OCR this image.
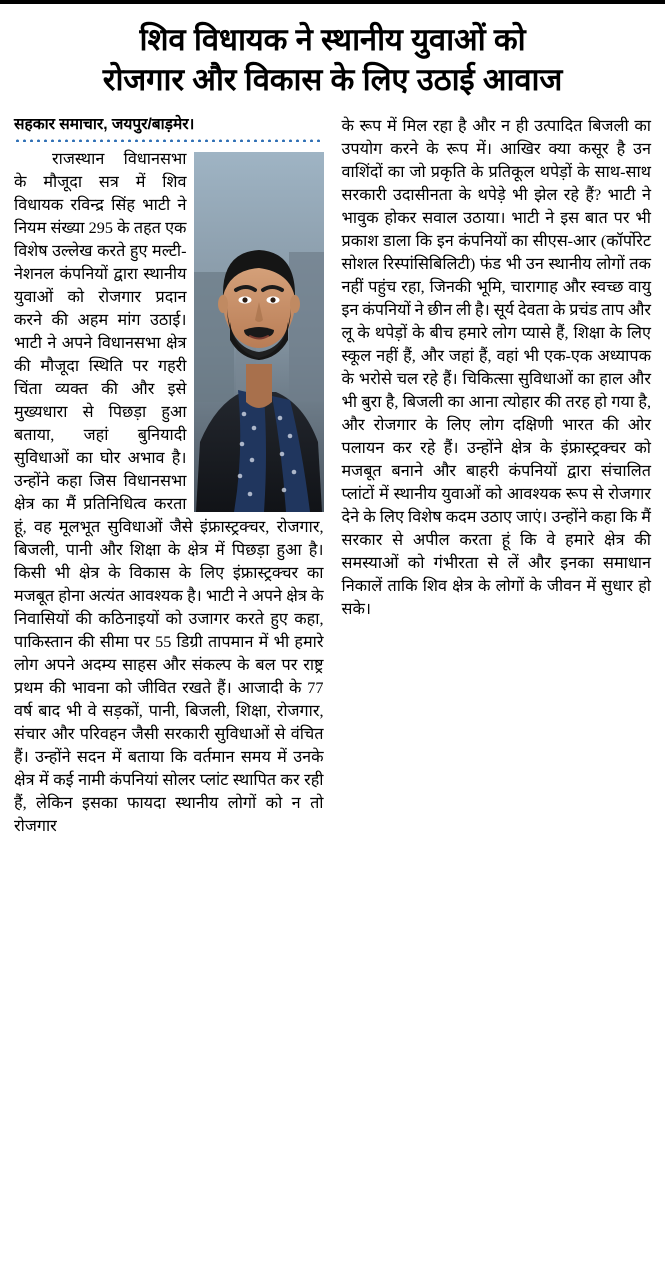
शिव विधायक ने स्थानीय युवाओं को
रोजगार और विकास के लिए उठाई आवाज
सहकार समाचार, जयपुर/बाड़मेर।

राजस्थान विधानसभा के मौजूदा सत्र में शिव विधायक रविन्द्र सिंह भाटी ने नियम संख्या 295 के तहत एक विशेष उल्लेख करते हुए मल्टी-नेशनल कंपनियों द्वारा स्थानीय युवाओं को रोजगार प्रदान करने की अहम मांग उठाई। भाटी ने अपने विधानसभा क्षेत्र की मौजूदा स्थिति पर गहरी चिंता व्यक्त की और इसे मुख्यधारा से पिछड़ा हुआ बताया, जहां बुनियादी सुविधाओं का घोर अभाव है। उन्होंने कहा जिस विधानसभा क्षेत्र का मैं प्रतिनिधित्व करता हूं, वह मूलभूत सुविधाओं जैसे इंफ्रास्ट्रक्चर, रोजगार, बिजली, पानी और शिक्षा के क्षेत्र में पिछड़ा हुआ है। किसी भी क्षेत्र के विकास के लिए इंफ्रास्ट्रक्चर का मजबूत होना अत्यंत आवश्यक है। भाटी ने अपने क्षेत्र के निवासियों की कठिनाइयों को उजागर करते हुए कहा, पाकिस्तान की सीमा पर 55 डिग्री तापमान में भी हमारे लोग अपने अदम्य साहस और संकल्प के बल पर राष्ट्र प्रथम की भावना को जीवित रखते हैं। आजादी के 77 वर्ष बाद भी वे सड़कों, पानी, बिजली, शिक्षा, रोजगार, संचार और परिवहन जैसी सरकारी सुविधाओं से वंचित हैं। उन्होंने सदन में बताया कि वर्तमान समय में उनके क्षेत्र में कई नामी कंपनियां सोलर प्लांट स्थापित कर रही हैं, लेकिन इसका फायदा स्थानीय लोगों को न तो रोजगार

के रूप में मिल रहा है और न ही उत्पादित बिजली का उपयोग करने के रूप में। आखिर क्या कसूर है उन वाशिंदों का जो प्रकृति के प्रतिकूल थपेड़ों के साथ-साथ सरकारी उदासीनता के थपेड़े भी झेल रहे हैं? भाटी ने भावुक होकर सवाल उठाया। भाटी ने इस बात पर भी प्रकाश डाला कि इन कंपनियों का सीएस-आर (कॉर्पोरेट सोशल रिस्पांसिबिलिटी) फंड भी उन स्थानीय लोगों तक नहीं पहुंच रहा, जिनकी भूमि, चारागाह और स्वच्छ वायु इन कंपनियों ने छीन ली है। सूर्य देवता के प्रचंड ताप और लू के थपेड़ों के बीच हमारे लोग प्यासे हैं, शिक्षा के लिए स्कूल नहीं हैं, और जहां हैं, वहां भी एक-एक अध्यापक के भरोसे चल रहे हैं। चिकित्सा सुविधाओं का हाल और भी बुरा है, बिजली का आना त्योहार की तरह हो गया है, और रोजगार के लिए लोग दक्षिणी भारत की ओर पलायन कर रहे हैं। उन्होंने क्षेत्र के इंफ्रास्ट्रक्चर को मजबूत बनाने और बाहरी कंपनियों द्वारा संचालित प्लांटों में स्थानीय युवाओं को आवश्यक रूप से रोजगार देने के लिए विशेष कदम उठाए जाएं। उन्होंने कहा कि मैं सरकार से अपील करता हूं कि वे हमारे क्षेत्र की समस्याओं को गंभीरता से लें और इनका समाधान निकालें ताकि शिव क्षेत्र के लोगों के जीवन में सुधार हो सके।
